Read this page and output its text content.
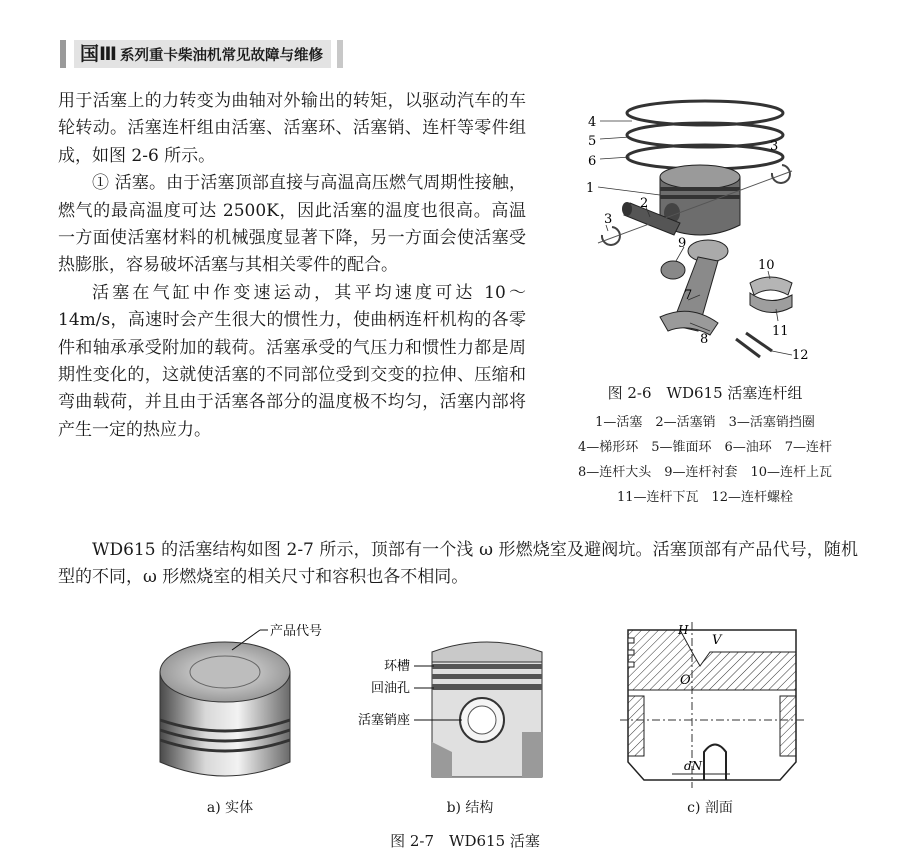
国Ⅲ 系列重卡柴油机常见故障与维修

用于活塞上的力转变为曲轴对外输出的转矩，以驱动汽车的车轮转动。活塞连杆组由活塞、活塞环、活塞销、连杆等零件组成，如图 2-6 所示。

① 活塞。由于活塞顶部直接与高温高压燃气周期性接触，燃气的最高温度可达 2500K，因此活塞的温度也很高。高温一方面使活塞材料的机械强度显著下降，另一方面会使活塞受热膨胀，容易破坏活塞与其相关零件的配合。

活塞在气缸中作变速运动，其平均速度可达 10～14m/s，高速时会产生很大的惯性力，使曲柄连杆机构的各零件和轴承承受附加的载荷。活塞承受的气压力和惯性力都是周期性变化的，这就使活塞的不同部位受到交变的拉伸、压缩和弯曲载荷，并且由于活塞各部分的温度极不均匀，活塞内部将产生一定的热应力。

4
5
6
1
3
2
3
9
10
7
11
8
12
图 2-6　WD615 活塞连杆组
1—活塞　2—活塞销　3—活塞销挡圈
4—梯形环　5—锥面环　6—油环　7—连杆
8—连杆大头　9—连杆衬套　10—连杆上瓦
11—连杆下瓦　12—连杆螺栓

WD615 的活塞结构如图 2-7 所示，顶部有一个浅 ω 形燃烧室及避阀坑。活塞顶部有产品代号，随机型的不同，ω 形燃烧室的相关尺寸和容积也各不相同。

产品代号
环槽
回油孔
活塞销座
H
V
O
dN
a) 实体	b) 结构	c) 剖面
图 2-7　WD615 活塞
